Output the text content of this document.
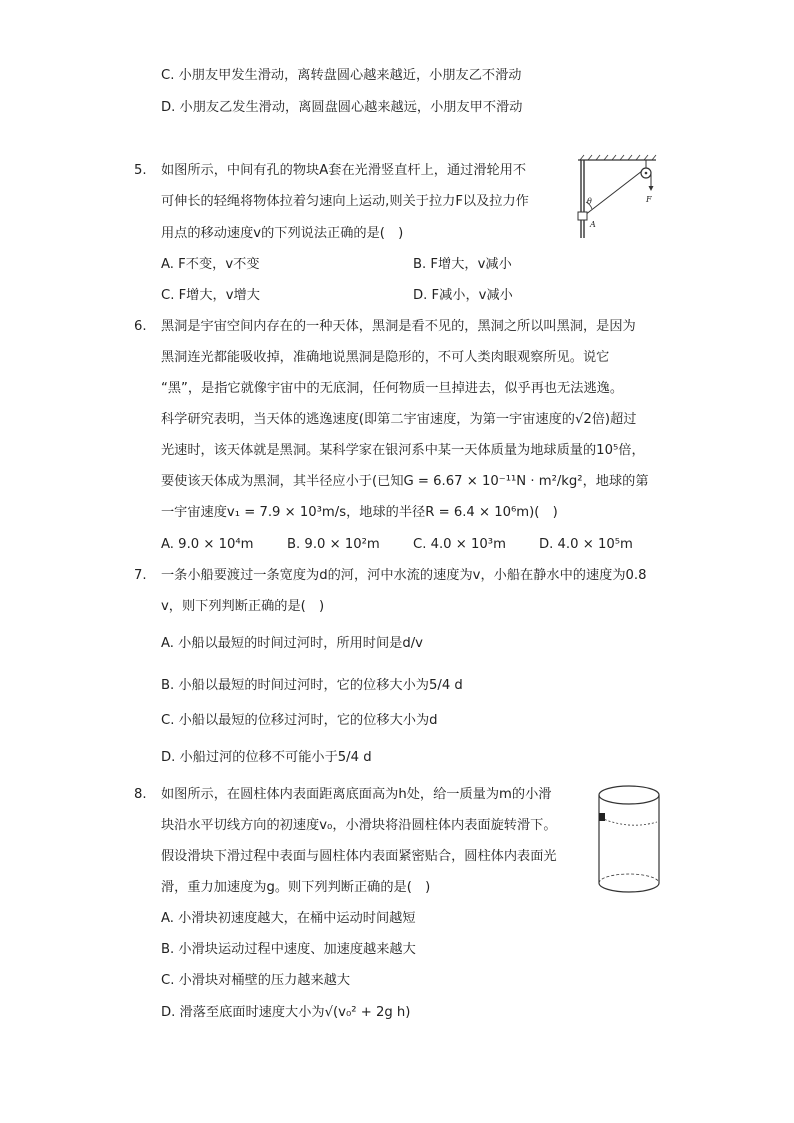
C. 小朋友甲发生滑动，离转盘圆心越来越近，小朋友乙不滑动
D. 小朋友乙发生滑动，离圆盘圆心越来越远，小朋友甲不滑动
5.	如图所示，中间有孔的物块A套在光滑竖直杆上，通过滑轮用不
可伸长的轻绳将物体拉着匀速向上运动,则关于拉力F以及拉力作
用点的移动速度v的下列说法正确的是(　)
A. F不变，v不变	B. F增大，v减小
C. F增大，v增大	D. F减小，v减小
θ
A
F
6.	黑洞是宇宙空间内存在的一种天体，黑洞是看不见的，黑洞之所以叫黑洞，是因为
黑洞连光都能吸收掉，准确地说黑洞是隐形的，不可人类肉眼观察所见。说它
“黑”，是指它就像宇宙中的无底洞，任何物质一旦掉进去，似乎再也无法逃逸。
科学研究表明，当天体的逃逸速度(即第二宇宙速度，为第一宇宙速度的√2倍)超过
光速时，该天体就是黑洞。某科学家在银河系中某一天体质量为地球质量的10⁵倍，
要使该天体成为黑洞，其半径应小于(已知G = 6.67 × 10⁻¹¹N · m²/kg²，地球的第
一宇宙速度v₁ = 7.9 × 10³m/s，地球的半径R = 6.4 × 10⁶m)(　)
A. 9.0 × 10⁴m	B. 9.0 × 10²m	C. 4.0 × 10³m	D. 4.0 × 10⁵m
7.	一条小船要渡过一条宽度为d的河，河中水流的速度为v，小船在静水中的速度为0.8
v，则下列判断正确的是(　)
A. 小船以最短的时间过河时，所用时间是d/v
B. 小船以最短的时间过河时，它的位移大小为5/4 d
C. 小船以最短的位移过河时，它的位移大小为d
D. 小船过河的位移不可能小于5/4 d
8.	如图所示，在圆柱体内表面距离底面高为h处，给一质量为m的小滑
块沿水平切线方向的初速度v₀，小滑块将沿圆柱体内表面旋转滑下。
假设滑块下滑过程中表面与圆柱体内表面紧密贴合，圆柱体内表面光
滑，重力加速度为g。则下列判断正确的是(　)
A. 小滑块初速度越大，在桶中运动时间越短
B. 小滑块运动过程中速度、加速度越来越大
C. 小滑块对桶壁的压力越来越大
D. 滑落至底面时速度大小为√(v₀² + 2g h)
